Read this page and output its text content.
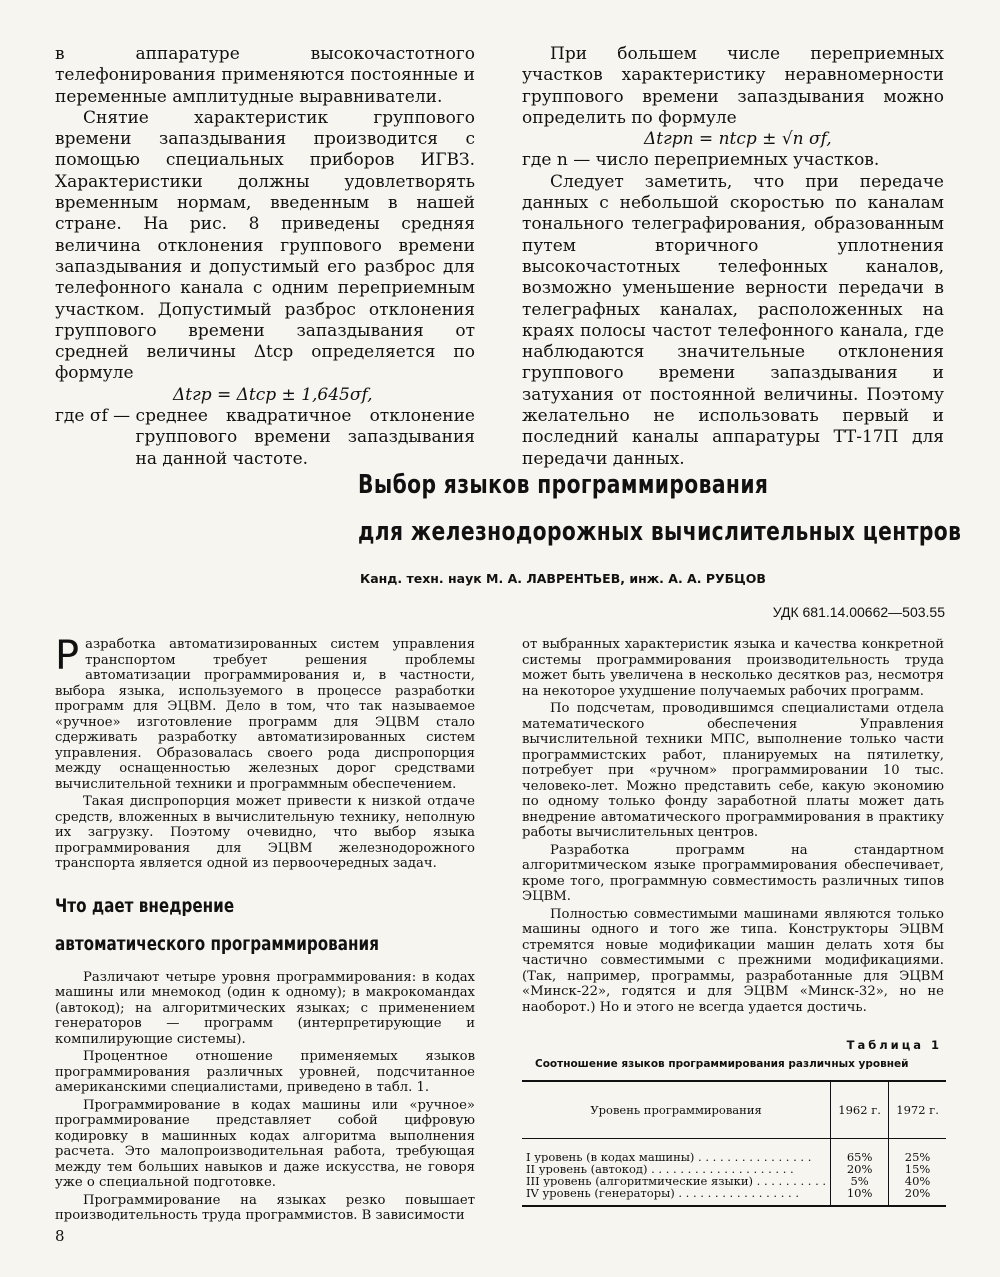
в аппаратуре высокочастотного телефонирования применяются постоянные и переменные амплитудные выравниватели.

Снятие характеристик группового времени запаздывания производится с помощью специальных приборов ИГВЗ. Характеристики должны удовлетворять временным нормам, введенным в нашей стране. На рис. 8 приведены средняя величина отклонения группового времени запаздывания и допустимый его разброс для телефонного канала с одним переприемным участком. Допустимый разброс отклонения группового времени запаздывания от средней величины Δtср определяется по формуле

Δtгр = Δtср ± 1,645σf,

где σf — среднее квадратичное отклонение группового времени запаздывания на данной частоте.

При большем числе переприемных участков характеристику неравномерности группового времени запаздывания можно определить по формуле

Δtгрn = ntср ± √n σf,

где n — число переприемных участков.

Следует заметить, что при передаче данных с небольшой скоростью по каналам тонального телеграфирования, образованным путем вторичного уплотнения высокочастотных телефонных каналов, возможно уменьшение верности передачи в телеграфных каналах, расположенных на краях полосы частот телефонного канала, где наблюдаются значительные отклонения группового времени запаздывания и затухания от постоянной величины. Поэтому желательно не использовать первый и последний каналы аппаратуры ТТ-17П для передачи данных.

Выбор языков программирования
для железнодорожных вычислительных центров
Канд. техн. наук М. А. ЛАВРЕНТЬЕВ, инж. А. А. РУБЦОВ
УДК 681.14.00662—503.55

Разработка автоматизированных систем управления транспортом требует решения проблемы автоматизации программирования и, в частности, выбора языка, используемого в процессе разработки программ для ЭЦВМ. Дело в том, что так называемое «ручное» изготовление программ для ЭЦВМ стало сдерживать разработку автоматизированных систем управления. Образовалась своего рода диспропорция между оснащенностью железных дорог средствами вычислительной техники и программным обеспечением.

Такая диспропорция может привести к низкой отдаче средств, вложенных в вычислительную технику, неполную их загрузку. Поэтому очевидно, что выбор языка программирования для ЭЦВМ железнодорожного транспорта является одной из первоочередных задач.

Что дает внедрение

автоматического программирования

Различают четыре уровня программирования: в кодах машины или мнемокод (один к одному); в макрокомандах (автокод); на алгоритмических языках; с применением генераторов — программ (интерпретирующие и компилирующие системы).

Процентное отношение применяемых языков программирования различных уровней, подсчитанное американскими специалистами, приведено в табл. 1.

Программирование в кодах машины или «ручное» программирование представляет собой цифровую кодировку в машинных кодах алгоритма выполнения расчета. Это малопроизводительная работа, требующая между тем больших навыков и даже искусства, не говоря уже о специальной подготовке.

Программирование на языках резко повышает производительность труда программистов. В зависимости

от выбранных характеристик языка и качества конкретной системы программирования производительность труда может быть увеличена в несколько десятков раз, несмотря на некоторое ухудшение получаемых рабочих программ.

По подсчетам, проводившимся специалистами отдела математического обеспечения Управления вычислительной техники МПС, выполнение только части программистских работ, планируемых на пятилетку, потребует при «ручном» программировании 10 тыс. человеко-лет. Можно представить себе, какую экономию по одному только фонду заработной платы может дать внедрение автоматического программирования в практику работы вычислительных центров.

Разработка программ на стандартном алгоритмическом языке программирования обеспечивает, кроме того, программную совместимость различных типов ЭЦВМ.

Полностью совместимыми машинами являются только машины одного и того же типа. Конструкторы ЭЦВМ стремятся новые модификации машин делать хотя бы частично совместимыми с прежними модификациями. (Так, например, программы, разработанные для ЭЦВМ «Минск-22», годятся и для ЭЦВМ «Минск-32», но не наоборот.) Но и этого не всегда удается достичь.

Таблица 1
Соотношение языков программирования различных уровней
Уровень программирования	1962 г.	1972 г.
I уровень (в кодах машины) . . . . . . . . . . . . . . . .	65%	25%
II уровень (автокод) . . . . . . . . . . . . . . . . . . . .	20%	15%
III уровень (алгоритмические языки) . . . . . . . . . .	5%	40%
IV уровень (генераторы) . . . . . . . . . . . . . . . . .	10%	20%
8
